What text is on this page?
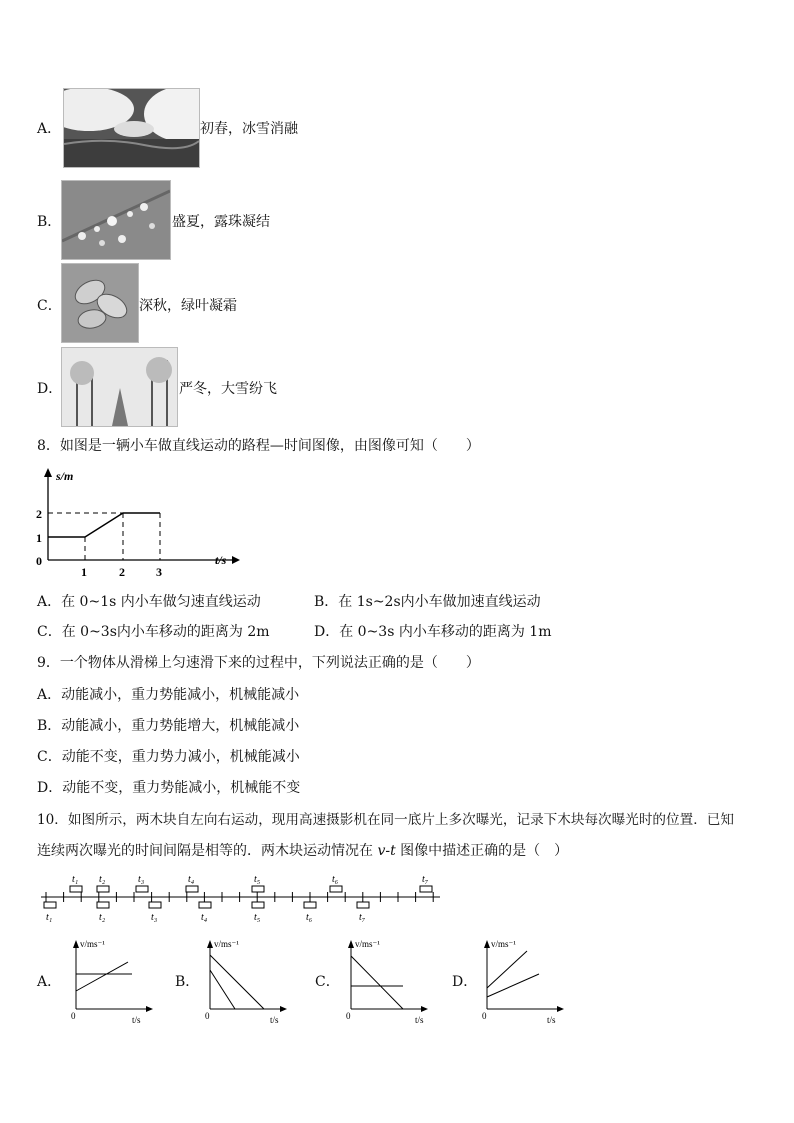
A．	初春，冰雪消融
B．	盛夏，露珠凝结
C．	深秋，绿叶凝霜
D．	严冬，大雪纷飞
8．如图是一辆小车做直线运动的路程—时间图像，由图像可知（　　）
s/m
t/s
2
1
0
1	2	3
A．在 0~1s 内小车做匀速直线运动	B．在 1s~2s内小车做加速直线运动
C．在 0~3s内小车移动的距离为 2m	D．在 0~3s 内小车移动的距离为 1m
9．一个物体从滑梯上匀速滑下来的过程中，下列说法正确的是（　　）
A．动能减小，重力势能减小，机械能减小
B．动能减小，重力势能增大，机械能减小
C．动能不变，重力势力减小，机械能减小
D．动能不变，重力势能减小，机械能不变
10．如图所示，两木块自左向右运动，现用高速摄影机在同一底片上多次曝光，记录下木块每次曝光时的位置．已知
连续两次曝光的时间间隔是相等的．两木块运动情况在 v-t 图像中描述正确的是（　）
t₁ t₂	t₃	t₄	t₅	t₆	t₇
t₁	t₂	t₃	t₄	t₅	t₆	t₇
A．	B．	C．	D．
v/ms⁻¹
t/s
0
v/ms⁻¹
t/s
0
v/ms⁻¹
t/s
0
v/ms⁻¹
t/s
0
